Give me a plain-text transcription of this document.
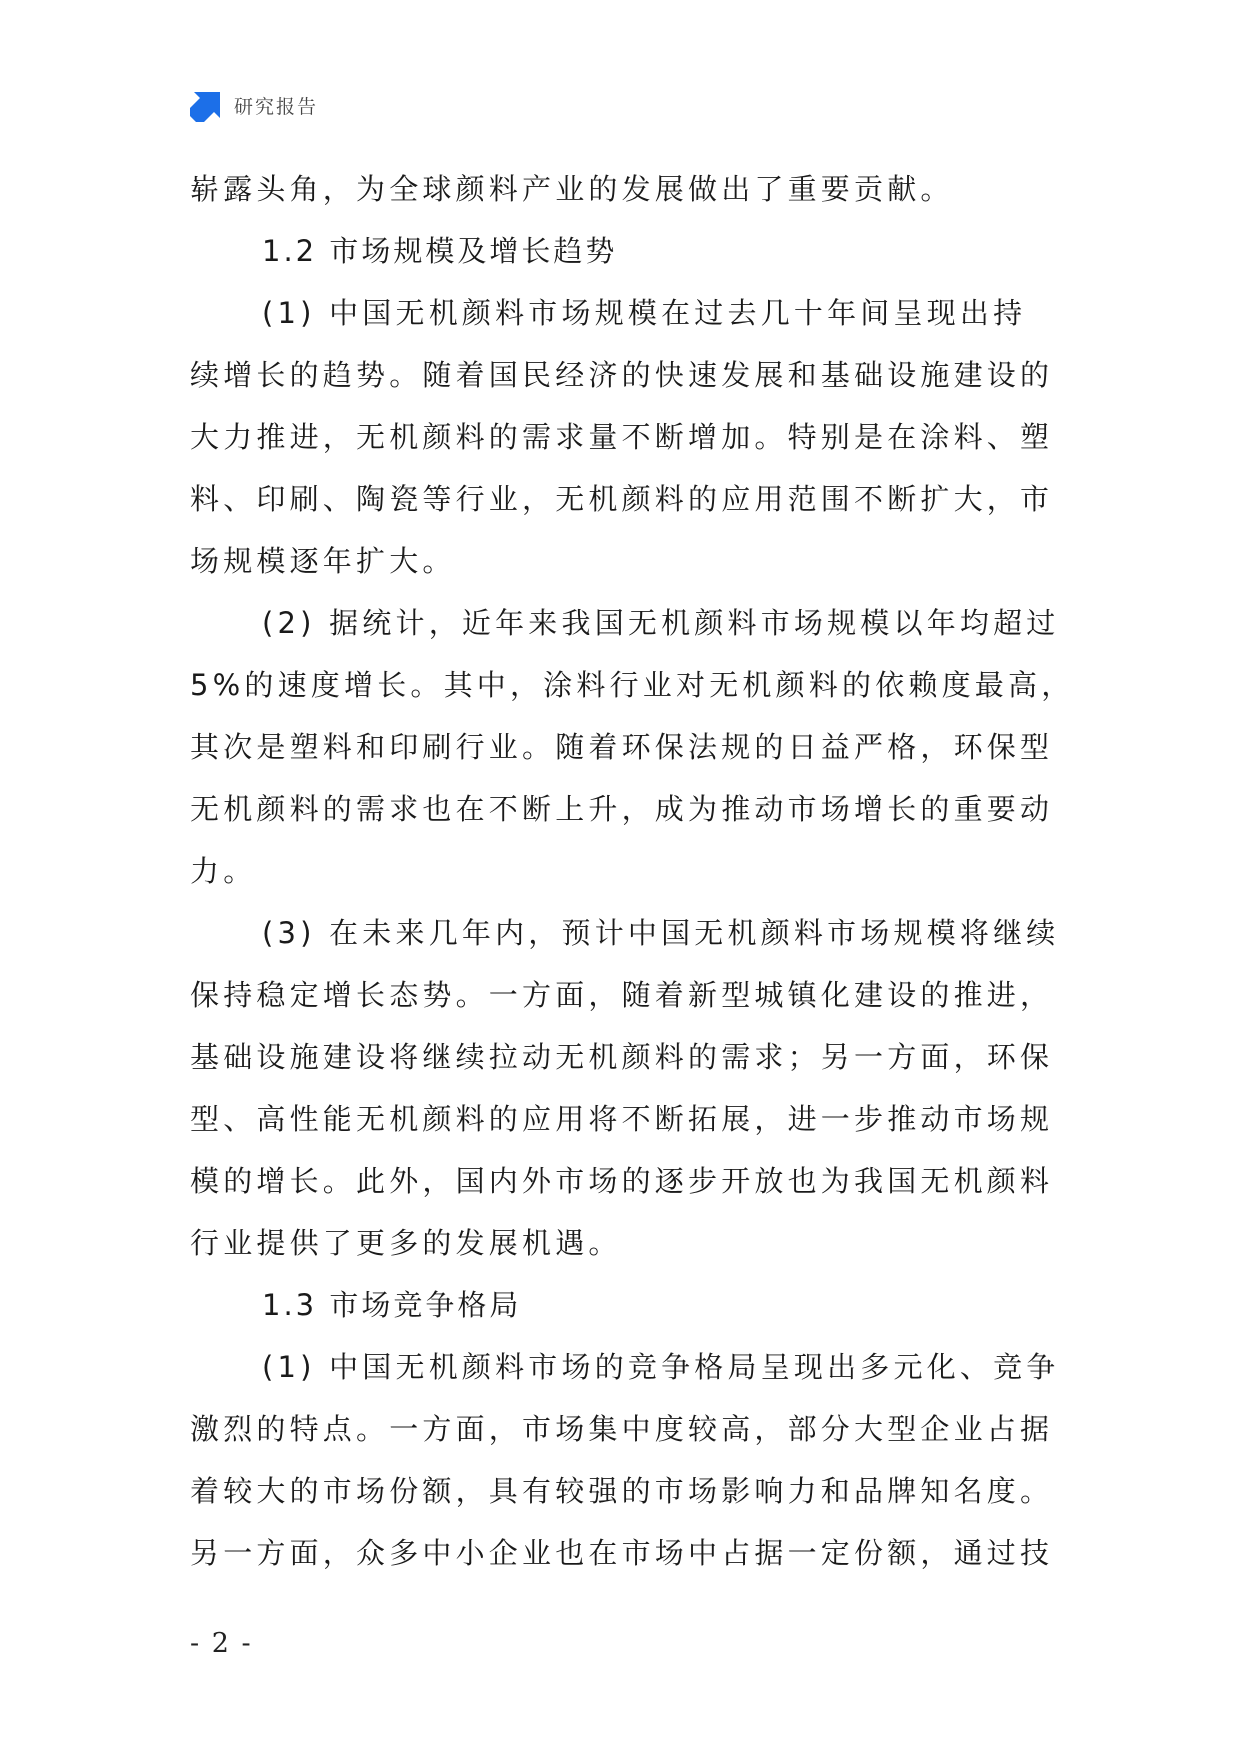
研究报告
崭露头角，为全球颜料产业的发展做出了重要贡献。
1.2 市场规模及增长趋势
(1) 中国无机颜料市场规模在过去几十年间呈现出持
续增长的趋势。随着国民经济的快速发展和基础设施建设的
大力推进，无机颜料的需求量不断增加。特别是在涂料、塑
料、印刷、陶瓷等行业，无机颜料的应用范围不断扩大，市
场规模逐年扩大。
(2) 据统计，近年来我国无机颜料市场规模以年均超过
5%的速度增长。其中，涂料行业对无机颜料的依赖度最高，
其次是塑料和印刷行业。随着环保法规的日益严格，环保型
无机颜料的需求也在不断上升，成为推动市场增长的重要动
力。
(3) 在未来几年内，预计中国无机颜料市场规模将继续
保持稳定增长态势。一方面，随着新型城镇化建设的推进，
基础设施建设将继续拉动无机颜料的需求；另一方面，环保
型、高性能无机颜料的应用将不断拓展，进一步推动市场规
模的增长。此外，国内外市场的逐步开放也为我国无机颜料
行业提供了更多的发展机遇。
1.3 市场竞争格局
(1) 中国无机颜料市场的竞争格局呈现出多元化、竞争
激烈的特点。一方面，市场集中度较高，部分大型企业占据
着较大的市场份额，具有较强的市场影响力和品牌知名度。
另一方面，众多中小企业也在市场中占据一定份额，通过技
- 2 -
